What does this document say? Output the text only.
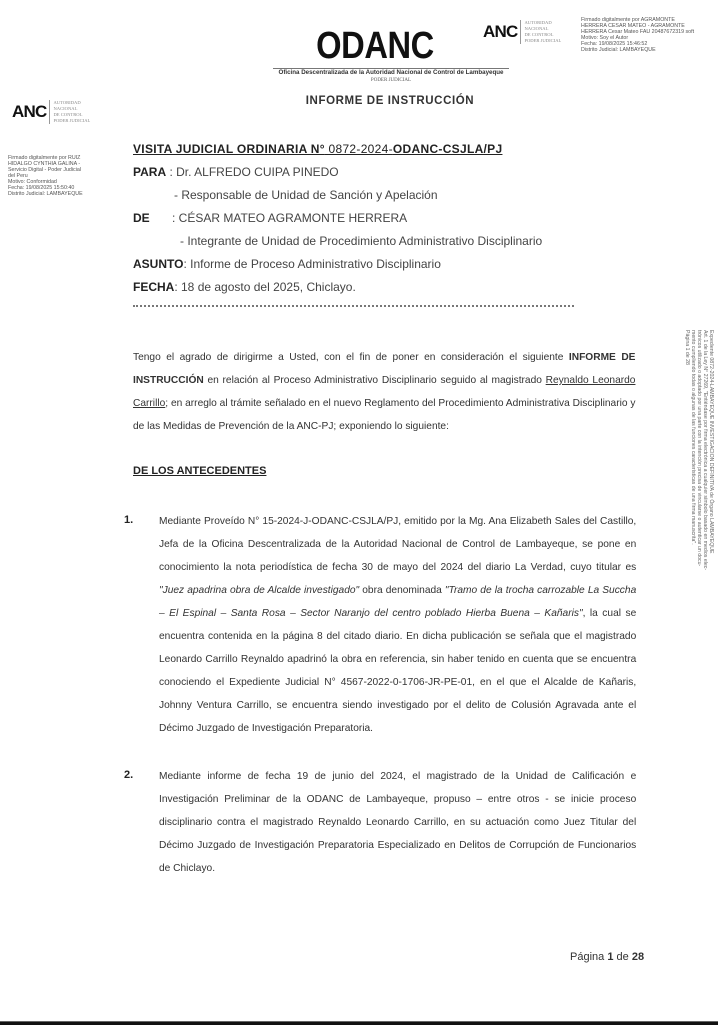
ODANC
Oficina Descentralizada de la Autoridad Nacional de Control de Lambayeque
PODER JUDICIAL
INFORME DE INSTRUCCIÓN
ANC AUTORIDAD
NACIONAL
DE CONTROL
PODER JUDICIAL
Firmado digitalmente por AGRAMONTE
HERRERA CESAR MATEO - AGRAMONTE
HERRERA Cesar Mateo FAU 20487672319 soft
Motivo: Soy el Autor
Fecha: 19/08/2025 15:46:52
Distrito Judicial: LAMBAYEQUE
ANC AUTORIDAD
NACIONAL
DE CONTROL
PODER JUDICIAL
Firmado digitalmente por RUIZ
HIDALGO CYNTHIA GALINA -
Servicio Digital - Poder Judicial
del Peru
Motivo: Conformidad
Fecha: 19/08/2025 15:50:40
Distrito Judicial: LAMBAYEQUE
VISITA JUDICIAL ORDINARIA N° 0872-2024-ODANC-CSJLA/PJ
PARA : Dr. ALFREDO CUIPA PINEDO
- Responsable de Unidad de Sanción y Apelación
DE : CÉSAR MATEO AGRAMONTE HERRERA
- Integrante de Unidad de Procedimiento Administrativo Disciplinario
ASUNTO: Informe de Proceso Administrativo Disciplinario
FECHA: 18 de agosto del 2025, Chiclayo.
Tengo el agrado de dirigirme a Usted, con el fin de poner en consideración el siguiente INFORME DE INSTRUCCIÓN en relación al Proceso Administrativo Disciplinario seguido al magistrado Reynaldo Leonardo Carrillo; en arreglo al trámite señalado en el nuevo Reglamento del Procedimiento Administrativa Disciplinario y de las Medidas de Prevención de la ANC-PJ; exponiendo lo siguiente:
DE LOS ANTECEDENTES
1. Mediante Proveído N° 15-2024-J-ODANC-CSJLA/PJ, emitido por la Mg. Ana Elizabeth Sales del Castillo, Jefa de la Oficina Descentralizada de la Autoridad Nacional de Control de Lambayeque, se pone en conocimiento la nota periodística de fecha 30 de mayo del 2024 del diario La Verdad, cuyo titular es "Juez apadrina obra de Alcalde investigado" obra denominada "Tramo de la trocha carrozable La Succha – El Espinal – Santa Rosa – Sector Naranjo del centro poblado Hierba Buena – Kañaris", la cual se encuentra contenida en la página 8 del citado diario. En dicha publicación se señala que el magistrado Leonardo Carrillo Reynaldo apadrinó la obra en referencia, sin haber tenido en cuenta que se encuentra conociendo el Expediente Judicial N° 4567-2022-0-1706-JR-PE-01, en el que el Alcalde de Kañaris, Johnny Ventura Carrillo, se encuentra siendo investigado por el delito de Colusión Agravada ante el Décimo Juzgado de Investigación Preparatoria.
2. Mediante informe de fecha 19 de junio del 2024, el magistrado de la Unidad de Calificación e Investigación Preliminar de la ODANC de Lambayeque, propuso – entre otros - se inicie proceso disciplinario contra el magistrado Reynaldo Leonardo Carrillo, en su actuación como Juez Titular del Décimo Juzgado de Investigación Preparatoria Especializado en Delitos de Corrupción de Funcionarios de Chiclayo.
Expediente 0872-2024-LAMBAYEQUE INVESTIGACION DEFINITIVA de Órgano LAMBAYEQUE
Art. 1 de la Ley N° 27269, "Entiéndase por firma electrónica a cualquier símbolo basado en medios elec-
trónicos utilizado o adoptado por una parte con la intención precisa de vincularse o autenticar un docu-
mento cumpliendo todas o algunas de las funciones características de una firma manuscrita".
Página 1 de 28
Página 1 de 28
